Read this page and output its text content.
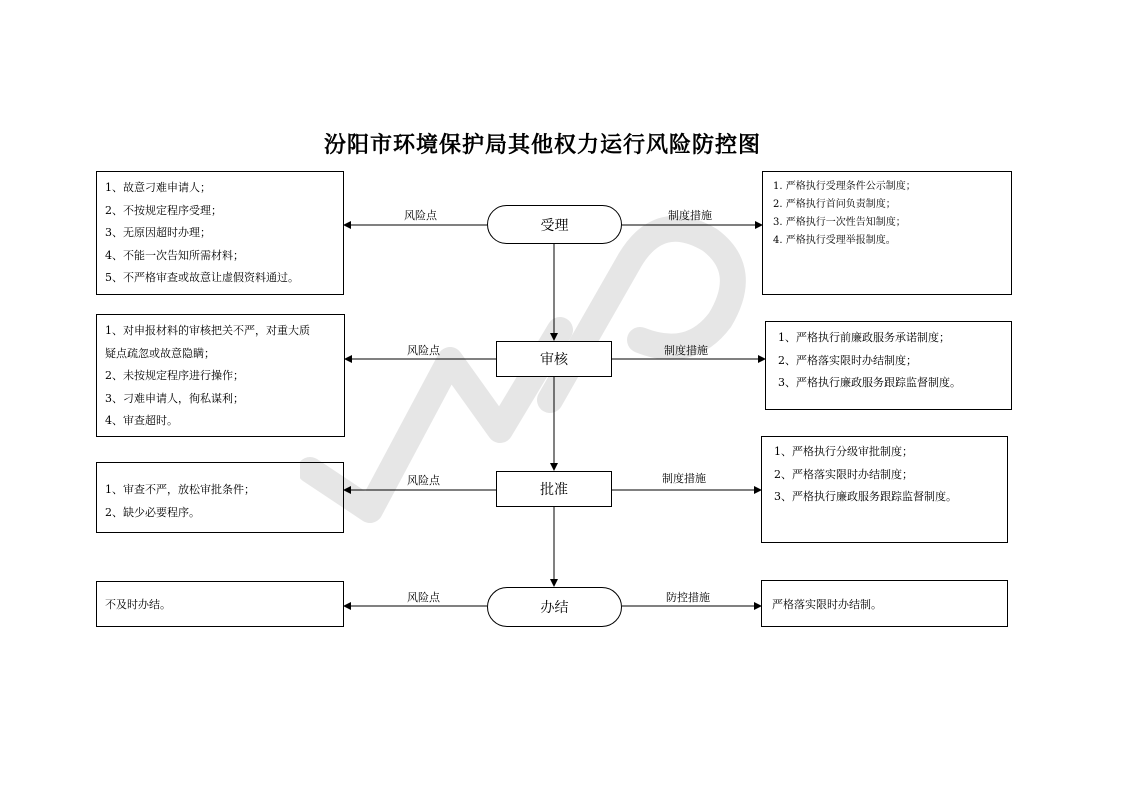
汾阳市环境保护局其他权力运行风险防控图

1、故意刁难申请人；

2、不按规定程序受理；

3、无原因超时办理；

4、不能一次告知所需材料；

5、不严格审查或故意让虚假资料通过。

受理
风险点	制度措施

1. 严格执行受理条件公示制度；

2. 严格执行首问负责制度；

3. 严格执行一次性告知制度；

4. 严格执行受理举报制度。

1、对申报材料的审核把关不严，对重大质

疑点疏忽或故意隐瞒；

2、未按规定程序进行操作；

3、刁难申请人，徇私谋利；

4、审查超时。

审核
风险点	制度措施

1、严格执行前廉政服务承诺制度；

2、严格落实限时办结制度；

3、严格执行廉政服务跟踪监督制度。

1、审查不严，放松审批条件；

2、缺少必要程序。

批准
风险点	制度措施

1、严格执行分级审批制度；

2、严格落实限时办结制度；

3、严格执行廉政服务跟踪监督制度。

不及时办结。	办结
风险点	防控措施

严格落实限时办结制。
